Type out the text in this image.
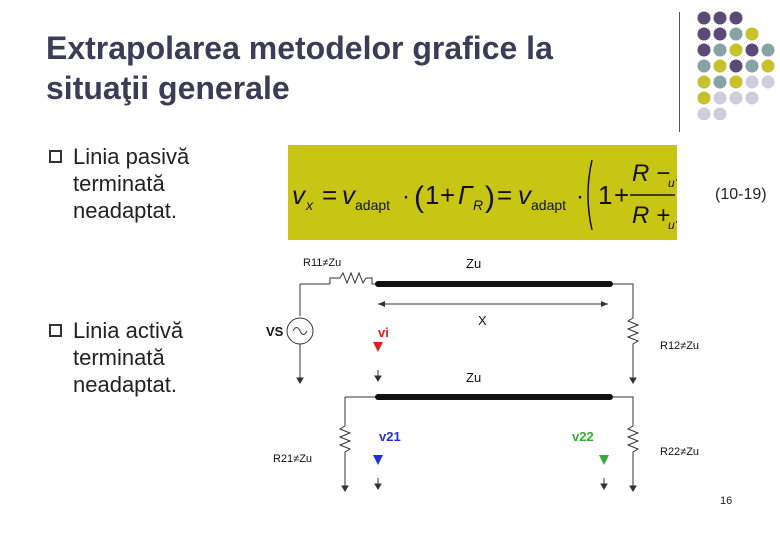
Extrapolarea metodelor grafice la
situaţii generale
Linia pasivă
terminată
neadaptat.
Linia activă
terminată
neadaptat.
v x = v adapt · ( 1 + Γ R ) = v adapt · 1 +
R −
u
R +
u
(10-19)
R11≠Zu
R12≠Zu
R21≠Zu
R22≠Zu
Zu
Zu
X
VS	vi
v21	v22
16
